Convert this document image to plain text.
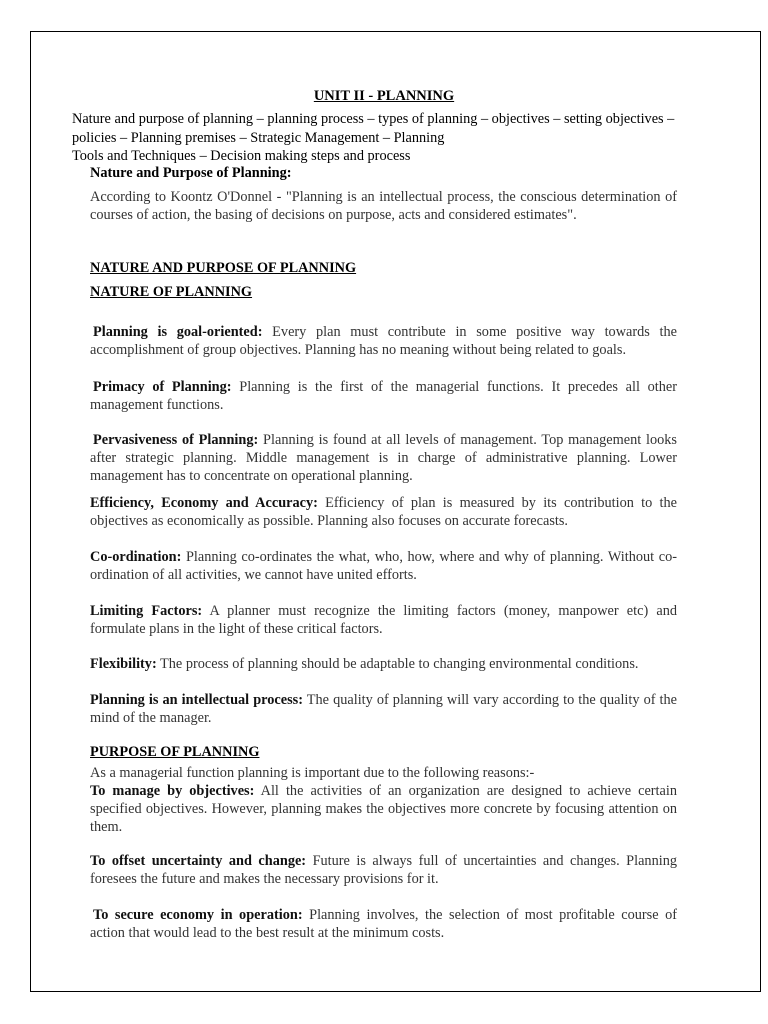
UNIT II - PLANNING
Nature and purpose of planning – planning process – types of planning – objectives – setting objectives –
policies – Planning premises – Strategic Management – Planning
Tools and Techniques – Decision making steps and process
Nature and Purpose of Planning:
According to Koontz O'Donnel - "Planning is an intellectual process, the conscious determination of courses of action, the basing of decisions on purpose, acts and considered estimates".
NATURE AND PURPOSE OF PLANNING
NATURE OF PLANNING
Planning is goal-oriented: Every plan must contribute in some positive way towards the accomplishment of group objectives. Planning has no meaning without being related to goals.
Primacy of Planning: Planning is the first of the managerial functions. It precedes all other management functions.
Pervasiveness of Planning: Planning is found at all levels of management. Top management looks after strategic planning. Middle management is in charge of administrative planning. Lower management has to concentrate on operational planning.
Efficiency, Economy and Accuracy: Efficiency of plan is measured by its contribution to the objectives as economically as possible. Planning also focuses on accurate forecasts.
Co-ordination: Planning co-ordinates the what, who, how, where and why of planning. Without co-ordination of all activities, we cannot have united efforts.
Limiting Factors: A planner must recognize the limiting factors (money, manpower etc) and formulate plans in the light of these critical factors.
Flexibility: The process of planning should be adaptable to changing environmental conditions.
Planning is an intellectual process: The quality of planning will vary according to the quality of the mind of the manager.
PURPOSE OF PLANNING
As a managerial function planning is important due to the following reasons:-
To manage by objectives: All the activities of an organization are designed to achieve certain specified objectives. However, planning makes the objectives more concrete by focusing attention on them.
To offset uncertainty and change: Future is always full of uncertainties and changes. Planning foresees the future and makes the necessary provisions for it.
To secure economy in operation: Planning involves, the selection of most profitable course of action that would lead to the best result at the minimum costs.
